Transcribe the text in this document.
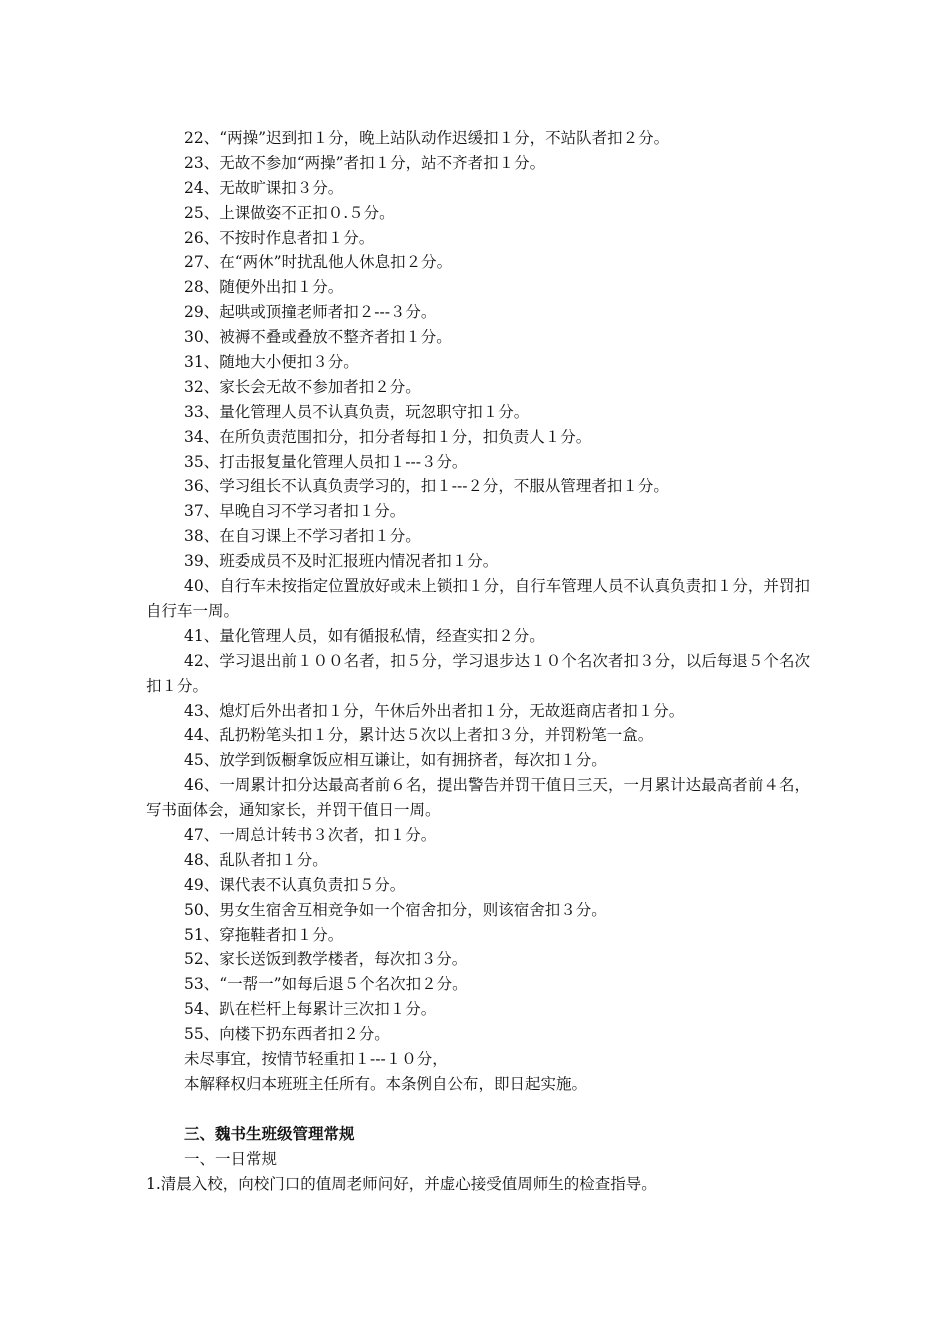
22、“两操”迟到扣１分，晚上站队动作迟缓扣１分，不站队者扣２分。
23、无故不参加“两操”者扣１分，站不齐者扣１分。
24、无故旷课扣３分。
25、上课做姿不正扣０.５分。
26、不按时作息者扣１分。
27、在“两休”时扰乱他人休息扣２分。
28、随便外出扣１分。
29、起哄或顶撞老师者扣２---３分。
30、被褥不叠或叠放不整齐者扣１分。
31、随地大小便扣３分。
32、家长会无故不参加者扣２分。
33、量化管理人员不认真负责，玩忽职守扣１分。
34、在所负责范围扣分，扣分者每扣１分，扣负责人１分。
35、打击报复量化管理人员扣１---３分。
36、学习组长不认真负责学习的，扣１---２分，不服从管理者扣１分。
37、早晚自习不学习者扣１分。
38、在自习课上不学习者扣１分。
39、班委成员不及时汇报班内情况者扣１分。
40、自行车未按指定位置放好或未上锁扣１分，自行车管理人员不认真负责扣１分，并罚扣自行车一周。
41、量化管理人员，如有循报私情，经查实扣２分。
42、学习退出前１００名者，扣５分，学习退步达１０个名次者扣３分，以后每退５个名次扣１分。
43、熄灯后外出者扣１分，午休后外出者扣１分，无故逛商店者扣１分。
44、乱扔粉笔头扣１分，累计达５次以上者扣３分，并罚粉笔一盒。
45、放学到饭橱拿饭应相互谦让，如有拥挤者，每次扣１分。
46、一周累计扣分达最高者前６名，提出警告并罚干值日三天，一月累计达最高者前４名，写书面体会，通知家长，并罚干值日一周。
47、一周总计转书３次者，扣１分。
48、乱队者扣１分。
49、课代表不认真负责扣５分。
50、男女生宿舍互相竞争如一个宿舍扣分，则该宿舍扣３分。
51、穿拖鞋者扣１分。
52、家长送饭到教学楼者，每次扣３分。
53、“一帮一”如每后退５个名次扣２分。
54、趴在栏杆上每累计三次扣１分。
55、向楼下扔东西者扣２分。
未尽事宜，按情节轻重扣１---１０分，
本解释权归本班班主任所有。本条例自公布，即日起实施。
三、魏书生班级管理常规
一、一日常规
1.清晨入校，向校门口的值周老师问好，并虚心接受值周师生的检查指导。
